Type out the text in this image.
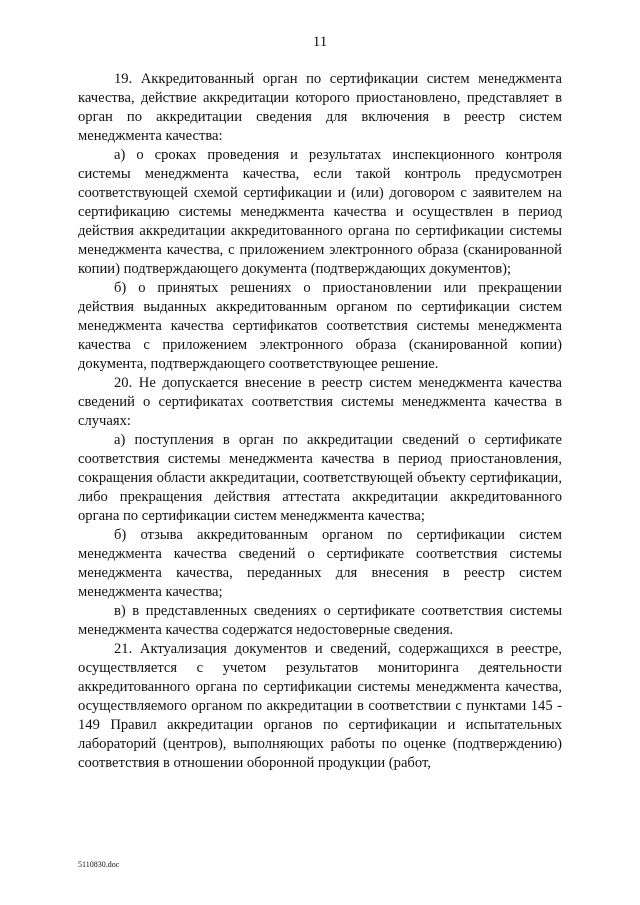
11

19. Аккредитованный орган по сертификации систем менеджмента качества, действие аккредитации которого приостановлено, представляет в орган по аккредитации сведения для включения в реестр систем менеджмента качества:

а) о сроках проведения и результатах инспекционного контроля системы менеджмента качества, если такой контроль предусмотрен соответствующей схемой сертификации и (или) договором с заявителем на сертификацию системы менеджмента качества и осуществлен в период действия аккредитации аккредитованного органа по сертификации системы менеджмента качества, с приложением электронного образа (сканированной копии) подтверждающего документа (подтверждающих документов);

б) о принятых решениях о приостановлении или прекращении действия выданных аккредитованным органом по сертификации систем менеджмента качества сертификатов соответствия системы менеджмента качества с приложением электронного образа (сканированной копии) документа, подтверждающего соответствующее решение.

20. Не допускается внесение в реестр систем менеджмента качества сведений о сертификатах соответствия системы менеджмента качества в случаях:

а) поступления в орган по аккредитации сведений о сертификате соответствия системы менеджмента качества в период приостановления, сокращения области аккредитации, соответствующей объекту сертификации, либо прекращения действия аттестата аккредитации аккредитованного органа по сертификации систем менеджмента качества;

б) отзыва аккредитованным органом по сертификации систем менеджмента качества сведений о сертификате соответствия системы менеджмента качества, переданных для внесения в реестр систем менеджмента качества;

в) в представленных сведениях о сертификате соответствия системы менеджмента качества содержатся недостоверные сведения.

21. Актуализация документов и сведений, содержащихся в реестре, осуществляется с учетом результатов мониторинга деятельности аккредитованного органа по сертификации системы менеджмента качества, осуществляемого органом по аккредитации в соответствии с пунктами 145 - 149 Правил аккредитации органов по сертификации и испытательных лабораторий (центров), выполняющих работы по оценке (подтверждению) соответствия в отношении оборонной продукции (работ,

5110830.doc
